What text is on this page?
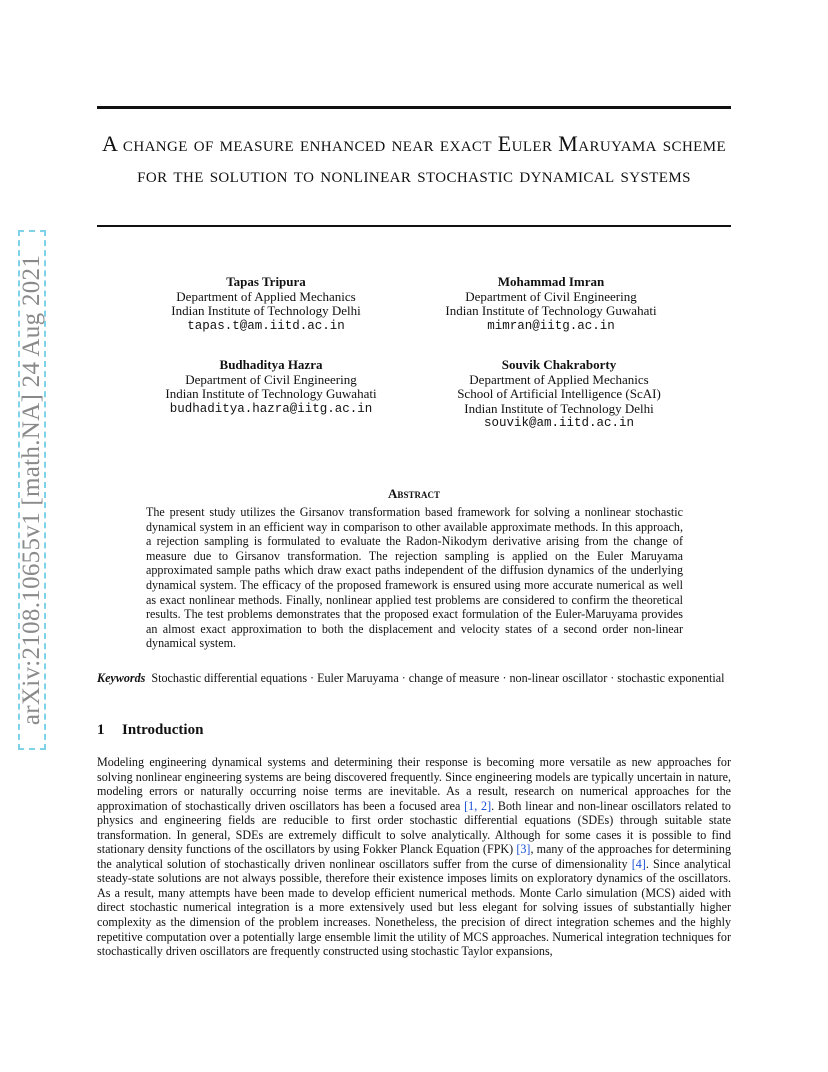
arXiv:2108.10655v1 [math.NA] 24 Aug 2021
A change of measure enhanced near exact Euler Maruyama scheme for the solution to nonlinear stochastic dynamical systems
Tapas Tripura
Department of Applied Mechanics
Indian Institute of Technology Delhi
tapas.t@am.iitd.ac.in
Mohammad Imran
Department of Civil Engineering
Indian Institute of Technology Guwahati
mimran@iitg.ac.in
Budhaditya Hazra
Department of Civil Engineering
Indian Institute of Technology Guwahati
budhaditya.hazra@iitg.ac.in
Souvik Chakraborty
Department of Applied Mechanics
School of Artificial Intelligence (ScAI)
Indian Institute of Technology Delhi
souvik@am.iitd.ac.in
Abstract
The present study utilizes the Girsanov transformation based framework for solving a nonlinear stochastic dynamical system in an efficient way in comparison to other available approximate methods. In this approach, a rejection sampling is formulated to evaluate the Radon-Nikodym derivative arising from the change of measure due to Girsanov transformation. The rejection sampling is applied on the Euler Maruyama approximated sample paths which draw exact paths independent of the diffusion dynamics of the underlying dynamical system. The efficacy of the proposed framework is ensured using more accurate numerical as well as exact nonlinear methods. Finally, nonlinear applied test problems are considered to confirm the theoretical results. The test problems demonstrates that the proposed exact formulation of the Euler-Maruyama provides an almost exact approximation to both the displacement and velocity states of a second order non-linear dynamical system.
Keywords Stochastic differential equations · Euler Maruyama · change of measure · non-linear oscillator · stochastic exponential
1 Introduction
Modeling engineering dynamical systems and determining their response is becoming more versatile as new approaches for solving nonlinear engineering systems are being discovered frequently. Since engineering models are typically uncertain in nature, modeling errors or naturally occurring noise terms are inevitable. As a result, research on numerical approaches for the approximation of stochastically driven oscillators has been a focused area [1, 2]. Both linear and non-linear oscillators related to physics and engineering fields are reducible to first order stochastic differential equations (SDEs) through suitable state transformation. In general, SDEs are extremely difficult to solve analytically. Although for some cases it is possible to find stationary density functions of the oscillators by using Fokker Planck Equation (FPK) [3], many of the approaches for determining the analytical solution of stochastically driven nonlinear oscillators suffer from the curse of dimensionality [4]. Since analytical steady-state solutions are not always possible, therefore their existence imposes limits on exploratory dynamics of the oscillators. As a result, many attempts have been made to develop efficient numerical methods. Monte Carlo simulation (MCS) aided with direct stochastic numerical integration is a more extensively used but less elegant for solving issues of substantially higher complexity as the dimension of the problem increases. Nonetheless, the precision of direct integration schemes and the highly repetitive computation over a potentially large ensemble limit the utility of MCS approaches. Numerical integration techniques for stochastically driven oscillators are frequently constructed using stochastic Taylor expansions,
